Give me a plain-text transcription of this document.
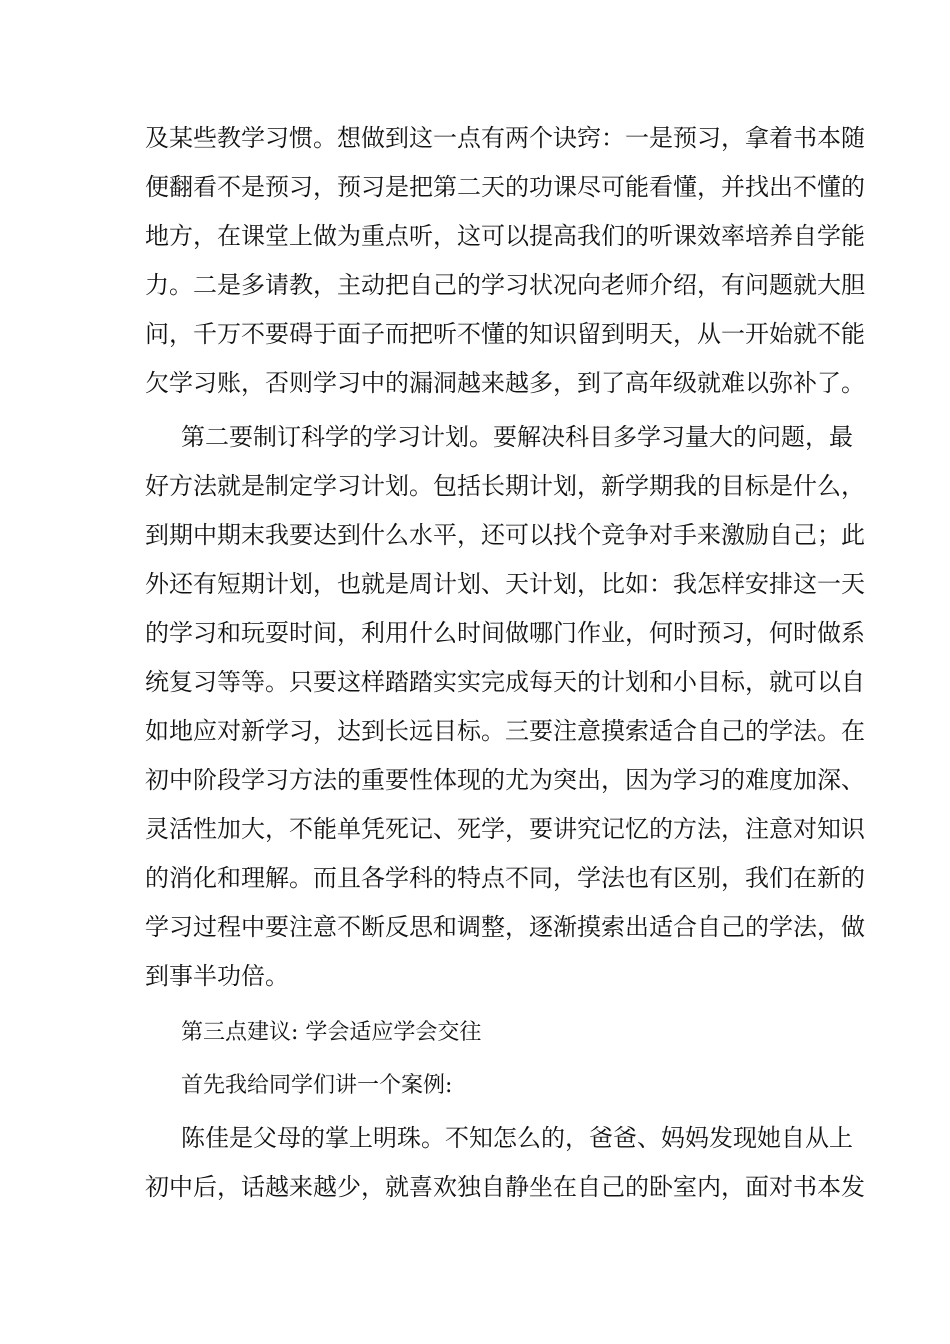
及某些教学习惯。想做到这一点有两个诀窍：一是预习，拿着书本随

便翻看不是预习，预习是把第二天的功课尽可能看懂，并找出不懂的

地方，在课堂上做为重点听，这可以提高我们的听课效率培养自学能

力。二是多请教，主动把自己的学习状况向老师介绍，有问题就大胆

问，千万不要碍于面子而把听不懂的知识留到明天，从一开始就不能

欠学习账，否则学习中的漏洞越来越多，到了高年级就难以弥补了。

第二要制订科学的学习计划。要解决科目多学习量大的问题，最

好方法就是制定学习计划。包括长期计划，新学期我的目标是什么，

到期中期末我要达到什么水平，还可以找个竞争对手来激励自己；此

外还有短期计划，也就是周计划、天计划，比如：我怎样安排这一天

的学习和玩耍时间，利用什么时间做哪门作业，何时预习，何时做系

统复习等等。只要这样踏踏实实完成每天的计划和小目标，就可以自

如地应对新学习，达到长远目标。三要注意摸索适合自己的学法。在

初中阶段学习方法的重要性体现的尤为突出，因为学习的难度加深、

灵活性加大，不能单凭死记、死学，要讲究记忆的方法，注意对知识

的消化和理解。而且各学科的特点不同，学法也有区别，我们在新的

学习过程中要注意不断反思和调整，逐渐摸索出适合自己的学法，做

到事半功倍。

第三点建议: 学会适应学会交往

首先我给同学们讲一个案例:

陈佳是父母的掌上明珠。不知怎么的，爸爸、妈妈发现她自从上

初中后，话越来越少，就喜欢独自静坐在自己的卧室内，面对书本发
